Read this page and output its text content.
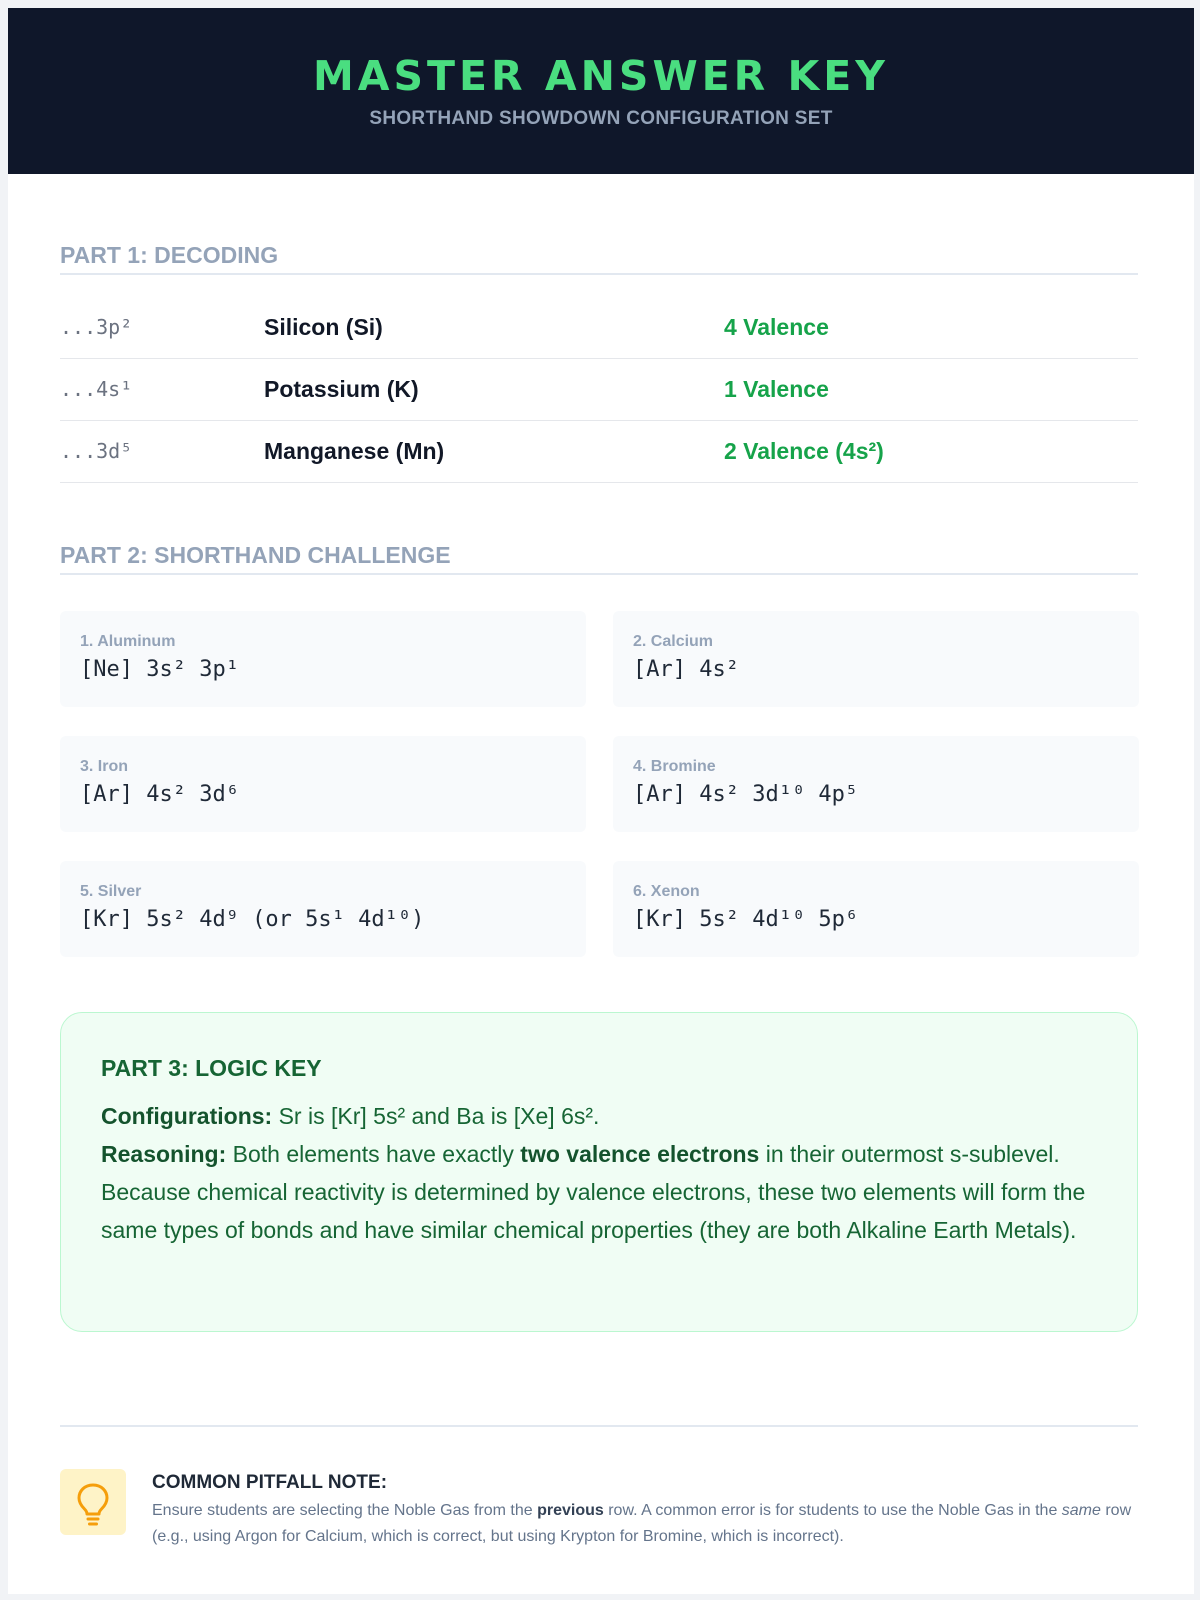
MASTER ANSWER KEY
SHORTHAND SHOWDOWN CONFIGURATION SET
PART 1: DECODING
...3p²	Silicon (Si)	4 Valence
...4s¹	Potassium (K)	1 Valence
...3d⁵	Manganese (Mn)	2 Valence (4s²)
PART 2: SHORTHAND CHALLENGE
1. Aluminum
[Ne] 3s² 3p¹
2. Calcium
[Ar] 4s²
3. Iron
[Ar] 4s² 3d⁶
4. Bromine
[Ar] 4s² 3d¹⁰ 4p⁵
5. Silver
[Kr] 5s² 4d⁹ (or 5s¹ 4d¹⁰)
6. Xenon
[Kr] 5s² 4d¹⁰ 5p⁶
PART 3: LOGIC KEY
Configurations: Sr is [Kr] 5s² and Ba is [Xe] 6s².
Reasoning: Both elements have exactly two valence electrons in their outermost s-sublevel. Because chemical reactivity is determined by valence electrons, these two elements will form the same types of bonds and have similar chemical properties (they are both Alkaline Earth Metals).
COMMON PITFALL NOTE:
Ensure students are selecting the Noble Gas from the previous row. A common error is for students to use the Noble Gas in the same row (e.g., using Argon for Calcium, which is correct, but using Krypton for Bromine, which is incorrect).
